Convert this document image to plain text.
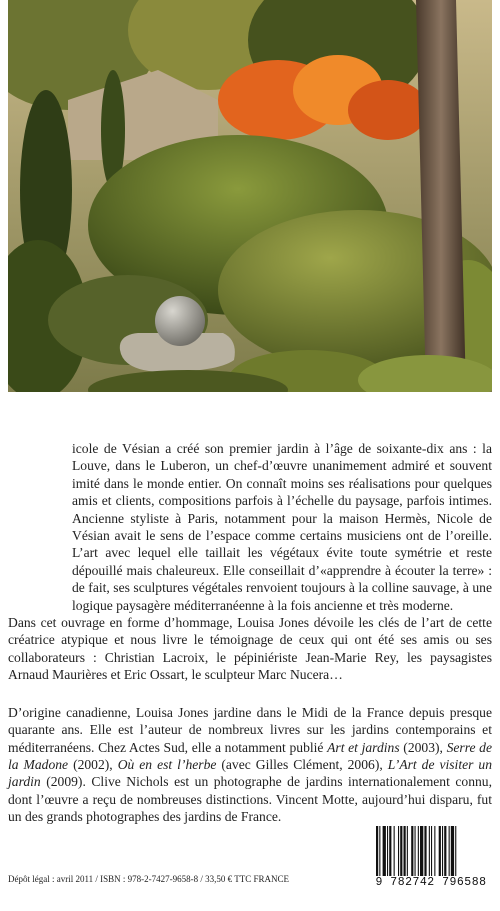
icole de Vésian a créé son premier jardin à l’âge de soixante-dix ans : la Louve, dans le Luberon, un chef-d’œuvre unanimement admiré et souvent imité dans le monde entier. On connaît moins ses réalisations pour quelques amis et clients, compositions parfois à l’échelle du paysage, parfois intimes. Ancienne styliste à Paris, notamment pour la maison Hermès, Nicole de Vésian avait le sens de l’espace comme certains musiciens ont de l’oreille. L’art avec lequel elle taillait les végétaux évite toute symétrie et reste dépouillé mais chaleureux. Elle conseillait d’«apprendre à écouter la terre» : de fait, ses sculptures végétales renvoient toujours à la colline sauvage, à une logique paysagère méditerranéenne à la fois ancienne et très moderne.

Dans cet ouvrage en forme d’hommage, Louisa Jones dévoile les clés de l’art de cette créatrice atypique et nous livre le témoignage de ceux qui ont été ses amis ou ses collaborateurs : Christian Lacroix, le pépiniériste Jean-Marie Rey, les paysagistes Arnaud Maurières et Eric Ossart, le sculpteur Marc Nucera…

D’origine canadienne, Louisa Jones jardine dans le Midi de la France depuis presque quarante ans. Elle est l’auteur de nombreux livres sur les jardins contemporains et méditerranéens. Chez Actes Sud, elle a notamment publié Art et jardins (2003), Serre de la Madone (2002), Où en est l’herbe (avec Gilles Clément, 2006), L’Art de visiter un jardin (2009). Clive Nichols est un photographe de jardins internationalement connu, dont l’œuvre a reçu de nombreuses distinctions. Vincent Motte, aujourd’hui disparu, fut un des grands photographes des jardins de France.

Dépôt légal : avril 2011 / ISBN : 978-2-7427-9658-8 / 33,50 € TTC FRANCE	9 782742 796588
